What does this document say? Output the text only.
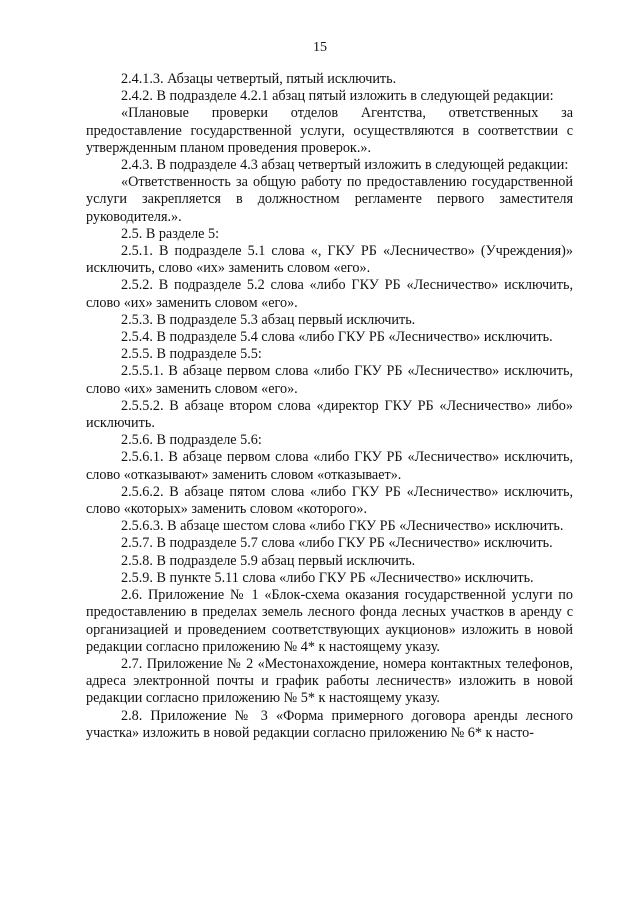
15

2.4.1.3. Абзацы четвертый, пятый исключить.

2.4.2. В подразделе 4.2.1 абзац пятый изложить в следующей редакции:

«Плановые проверки отделов Агентства, ответственных за предоставление государственной услуги, осуществляются в соответствии с утвержденным планом проведения проверок.».

2.4.3. В подразделе 4.3 абзац четвертый изложить в следующей редакции:

«Ответственность за общую работу по предоставлению государственной услуги закрепляется в должностном регламенте первого заместителя руководителя.».

2.5. В разделе 5:

2.5.1. В подразделе 5.1 слова «, ГКУ РБ «Лесничество» (Учреждения)» исключить, слово «их» заменить словом «его».

2.5.2. В подразделе 5.2 слова «либо ГКУ РБ «Лесничество» исключить, слово «их» заменить словом «его».

2.5.3. В подразделе 5.3 абзац первый исключить.

2.5.4. В подразделе 5.4 слова «либо ГКУ РБ «Лесничество» исключить.

2.5.5. В подразделе 5.5:

2.5.5.1. В абзаце первом слова «либо ГКУ РБ «Лесничество» исключить, слово «их» заменить словом «его».

2.5.5.2. В абзаце втором слова «директор ГКУ РБ «Лесничество» либо» исключить.

2.5.6. В подразделе 5.6:

2.5.6.1. В абзаце первом слова «либо ГКУ РБ «Лесничество» исключить, слово «отказывают» заменить словом «отказывает».

2.5.6.2. В абзаце пятом слова «либо ГКУ РБ «Лесничество» исключить, слово «которых» заменить словом «которого».

2.5.6.3. В абзаце шестом слова «либо ГКУ РБ «Лесничество» исключить.

2.5.7. В подразделе 5.7 слова «либо ГКУ РБ «Лесничество» исключить.

2.5.8. В подразделе 5.9 абзац первый исключить.

2.5.9. В пункте 5.11 слова «либо ГКУ РБ «Лесничество» исключить.

2.6. Приложение № 1 «Блок-схема оказания государственной услуги по предоставлению в пределах земель лесного фонда лесных участков в аренду с организацией и проведением соответствующих аукционов» изложить в новой редакции согласно приложению № 4* к настоящему указу.

2.7. Приложение № 2 «Местонахождение, номера контактных телефонов, адреса электронной почты и график работы лесничеств» изложить в новой редакции согласно приложению № 5* к настоящему указу.

2.8. Приложение № 3 «Форма примерного договора аренды лесного участка» изложить в новой редакции согласно приложению № 6* к насто-
